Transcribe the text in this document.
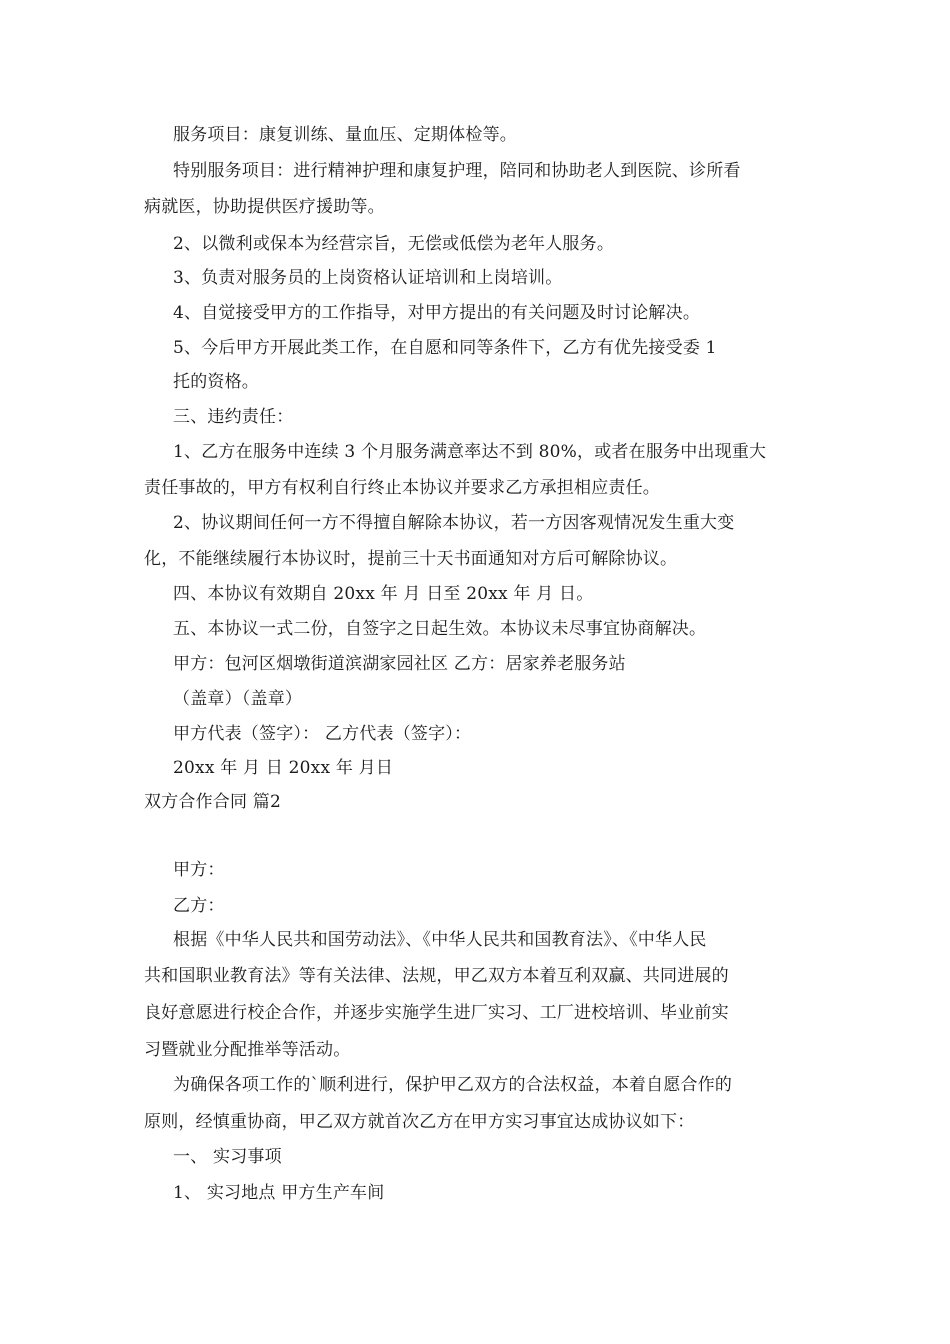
服务项目：康复训练、量血压、定期体检等。

特别服务项目：进行精神护理和康复护理，陪同和协助老人到医院、诊所看

病就医，协助提供医疗援助等。

2、以微利或保本为经营宗旨，无偿或低偿为老年人服务。

3、负责对服务员的上岗资格认证培训和上岗培训。

4、自觉接受甲方的工作指导，对甲方提出的有关问题及时讨论解决。

5、今后甲方开展此类工作，在自愿和同等条件下，乙方有优先接受委 1

托的资格。

三、违约责任：

1、乙方在服务中连续 3 个月服务满意率达不到 80%，或者在服务中出现重大

责任事故的，甲方有权利自行终止本协议并要求乙方承担相应责任。

2、协议期间任何一方不得擅自解除本协议，若一方因客观情况发生重大变

化，不能继续履行本协议时，提前三十天书面通知对方后可解除协议。

四、本协议有效期自 20xx 年 月 日至 20xx 年 月 日。

五、本协议一式二份，自签字之日起生效。本协议未尽事宜协商解决。

甲方：包河区烟墩街道滨湖家园社区 乙方：居家养老服务站

（盖章）（盖章）

甲方代表（签字）： 乙方代表（签字）：

20xx 年 月 日 20xx 年 月日

双方合作合同 篇2

甲方：

乙方：

根据《中华人民共和国劳动法》、《中华人民共和国教育法》、《中华人民

共和国职业教育法》等有关法律、法规，甲乙双方本着互利双赢、共同进展的

良好意愿进行校企合作，并逐步实施学生进厂实习、工厂进校培训、毕业前实

习暨就业分配推举等活动。

为确保各项工作的`顺利进行，保护甲乙双方的合法权益，本着自愿合作的

原则，经慎重协商，甲乙双方就首次乙方在甲方实习事宜达成协议如下：

一、 实习事项

1、 实习地点 甲方生产车间
